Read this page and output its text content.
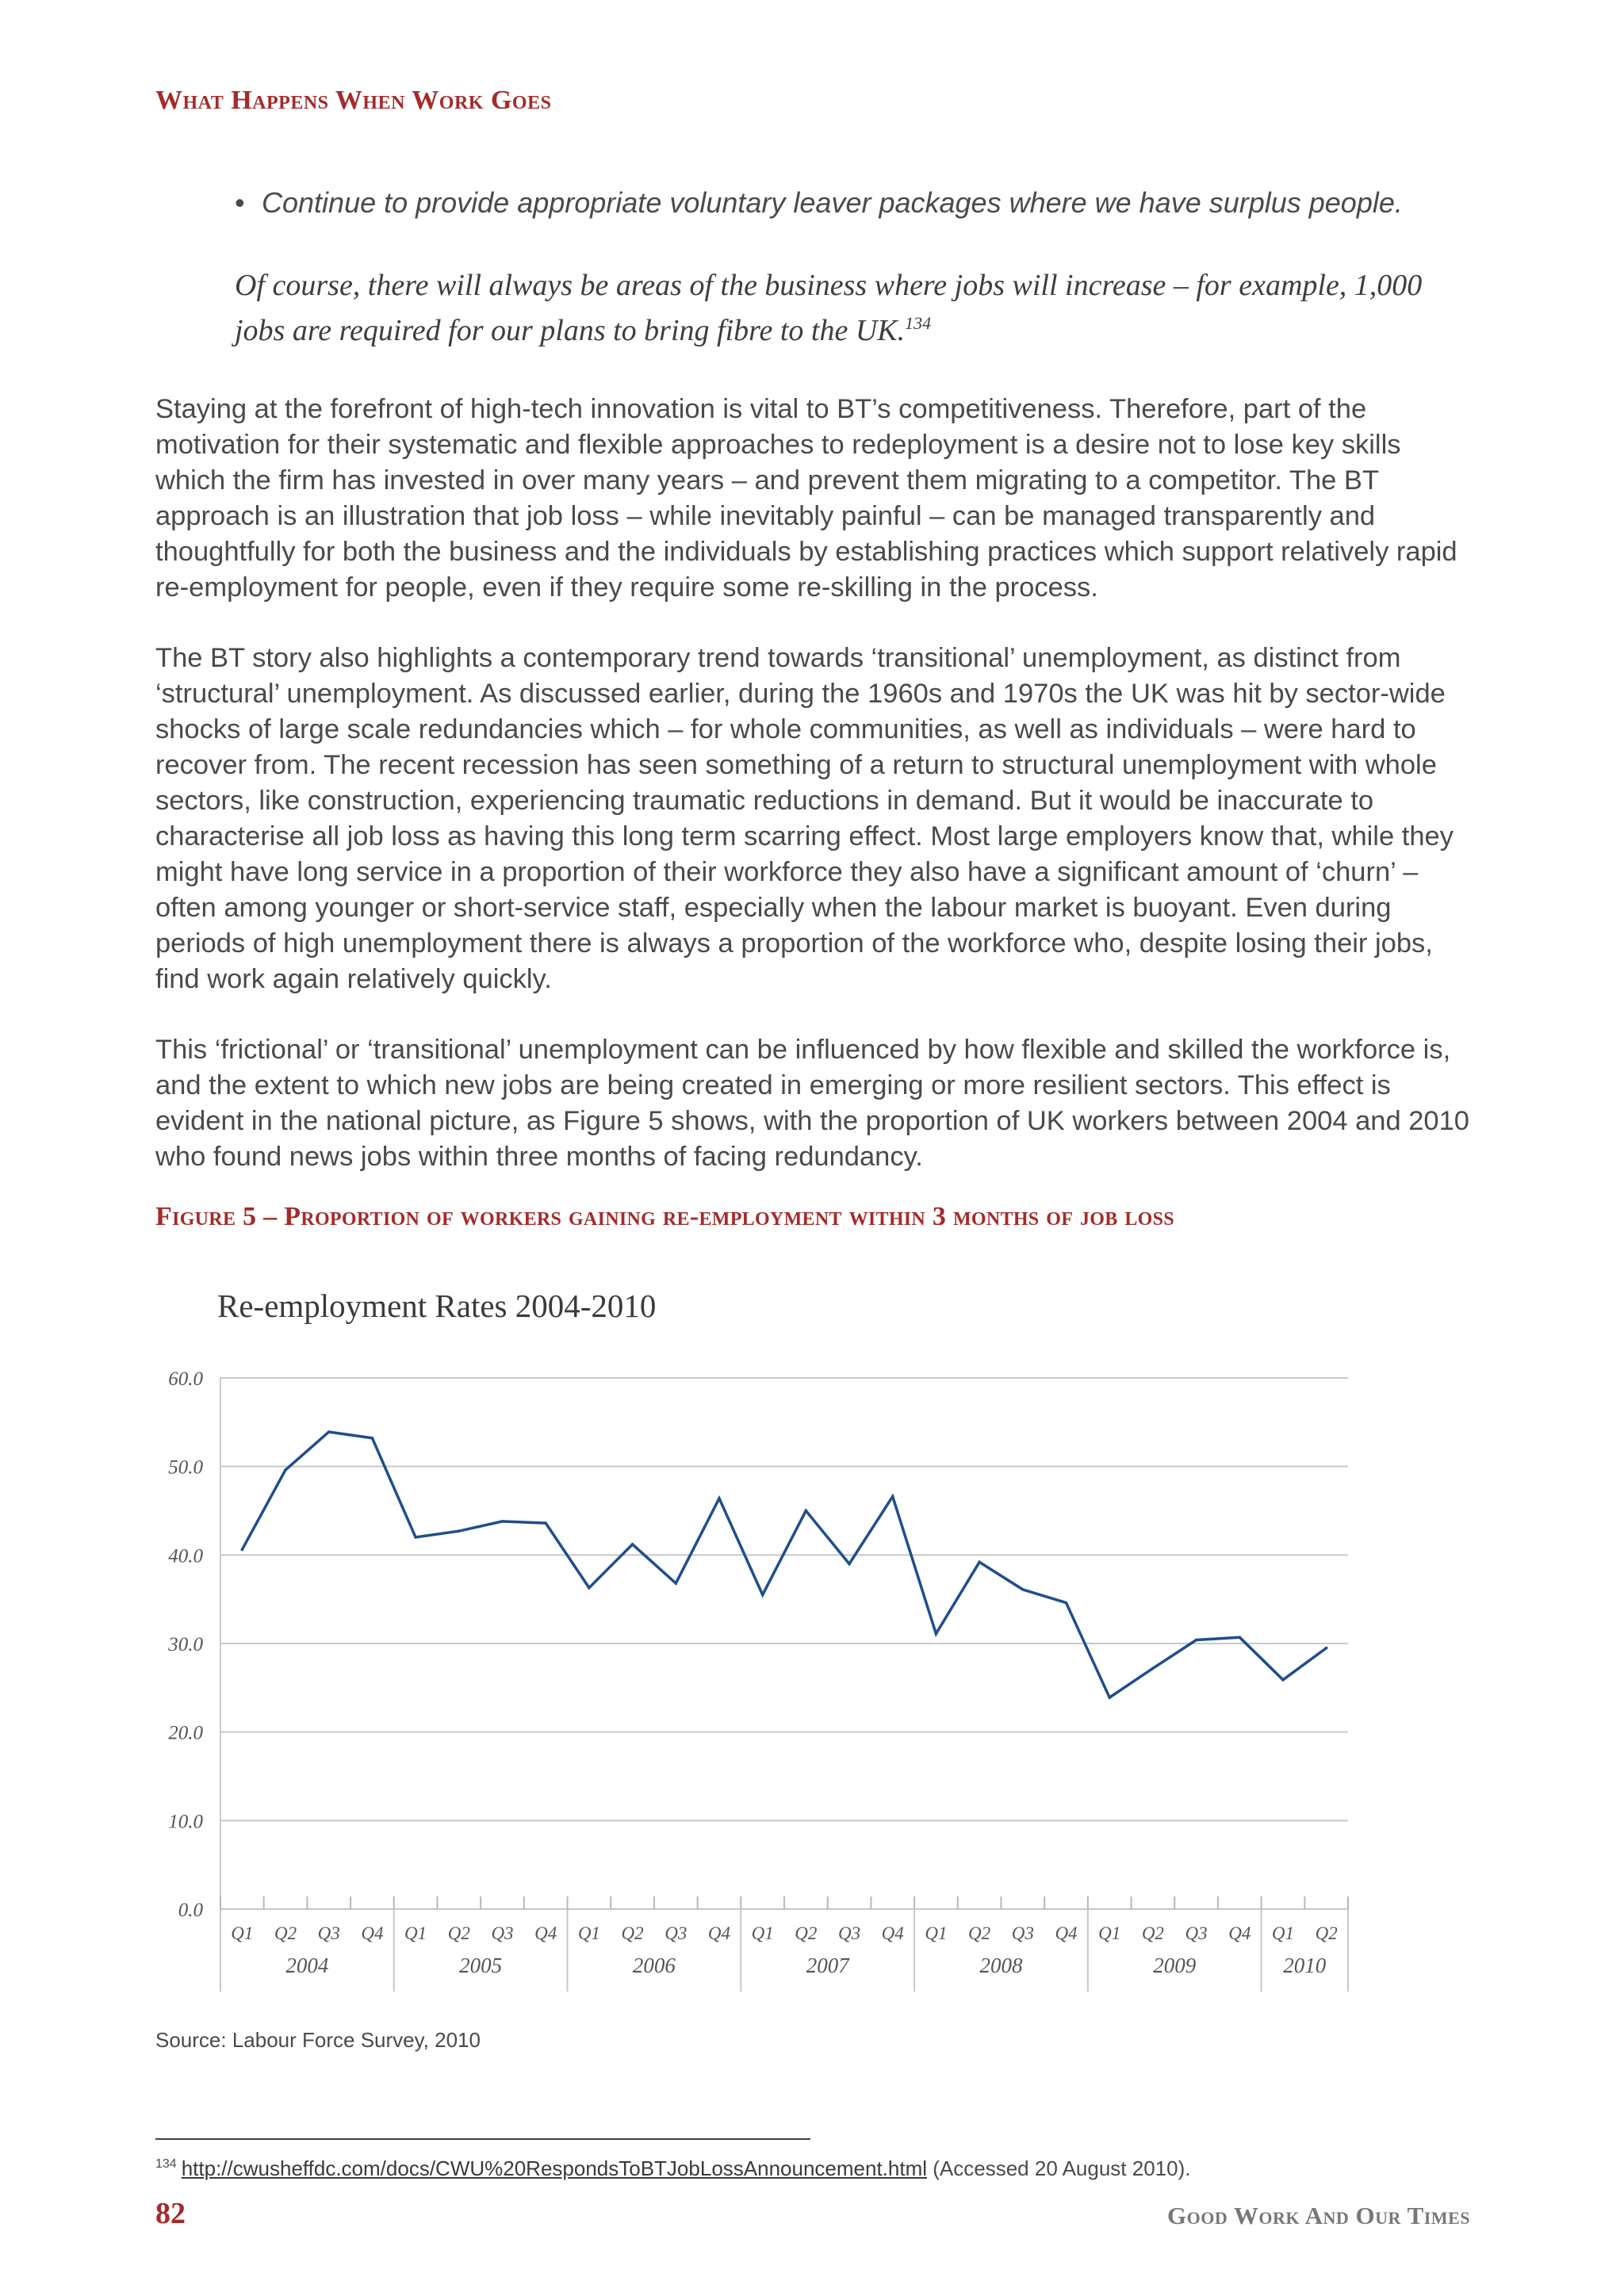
What Happens When Work Goes
• Continue to provide appropriate voluntary leaver packages where we have surplus people.
Of course, there will always be areas of the business where jobs will increase – for example, 1,000 jobs are required for our plans to bring fibre to the UK.$^{134}$
Staying at the forefront of high-tech innovation is vital to BT’s competitiveness. Therefore, part of the motivation for their systematic and flexible approaches to redeployment is a desire not to lose key skills which the firm has invested in over many years – and prevent them migrating to a competitor. The BT approach is an illustration that job loss – while inevitably painful – can be managed transparently and thoughtfully for both the business and the individuals by establishing practices which support relatively rapid re-employment for people, even if they require some re-skilling in the process.
The BT story also highlights a contemporary trend towards ‘transitional’ unemployment, as distinct from ‘structural’ unemployment. As discussed earlier, during the 1960s and 1970s the UK was hit by sector-wide shocks of large scale redundancies which – for whole communities, as well as individuals – were hard to recover from. The recent recession has seen something of a return to structural unemployment with whole sectors, like construction, experiencing traumatic reductions in demand. But it would be inaccurate to characterise all job loss as having this long term scarring effect. Most large employers know that, while they might have long service in a proportion of their workforce they also have a significant amount of ‘churn’ – often among younger or short-service staff, especially when the labour market is buoyant. Even during periods of high unemployment there is always a proportion of the workforce who, despite losing their jobs, find work again relatively quickly.
This ‘frictional’ or ‘transitional’ unemployment can be influenced by how flexible and skilled the workforce is, and the extent to which new jobs are being created in emerging or more resilient sectors. This effect is evident in the national picture, as Figure 5 shows, with the proportion of UK workers between 2004 and 2010 who found news jobs within three months of facing redundancy.
Figure 5 – Proportion of workers gaining re-employment within 3 months of job loss
Re-employment Rates 2004-2010
0.0
10.0
20.0
30.0
40.0
50.0
60.0
Q1 Q2 Q3 Q4 Q1 Q2 Q3 Q4 Q1 Q2 Q3 Q4 Q1 Q2 Q3 Q4 Q1 Q2 Q3 Q4 Q1 Q2 Q3 Q4 Q1 Q2
2004	2005	2006	2007	2008	2009	2010
Source: Labour Force Survey, 2010
$^{134}$ http://cwusheffdc.com/docs/CWU%20RespondsToBTJobLossAnnouncement.html (Accessed 20 August 2010).
82	Good Work And Our Times
